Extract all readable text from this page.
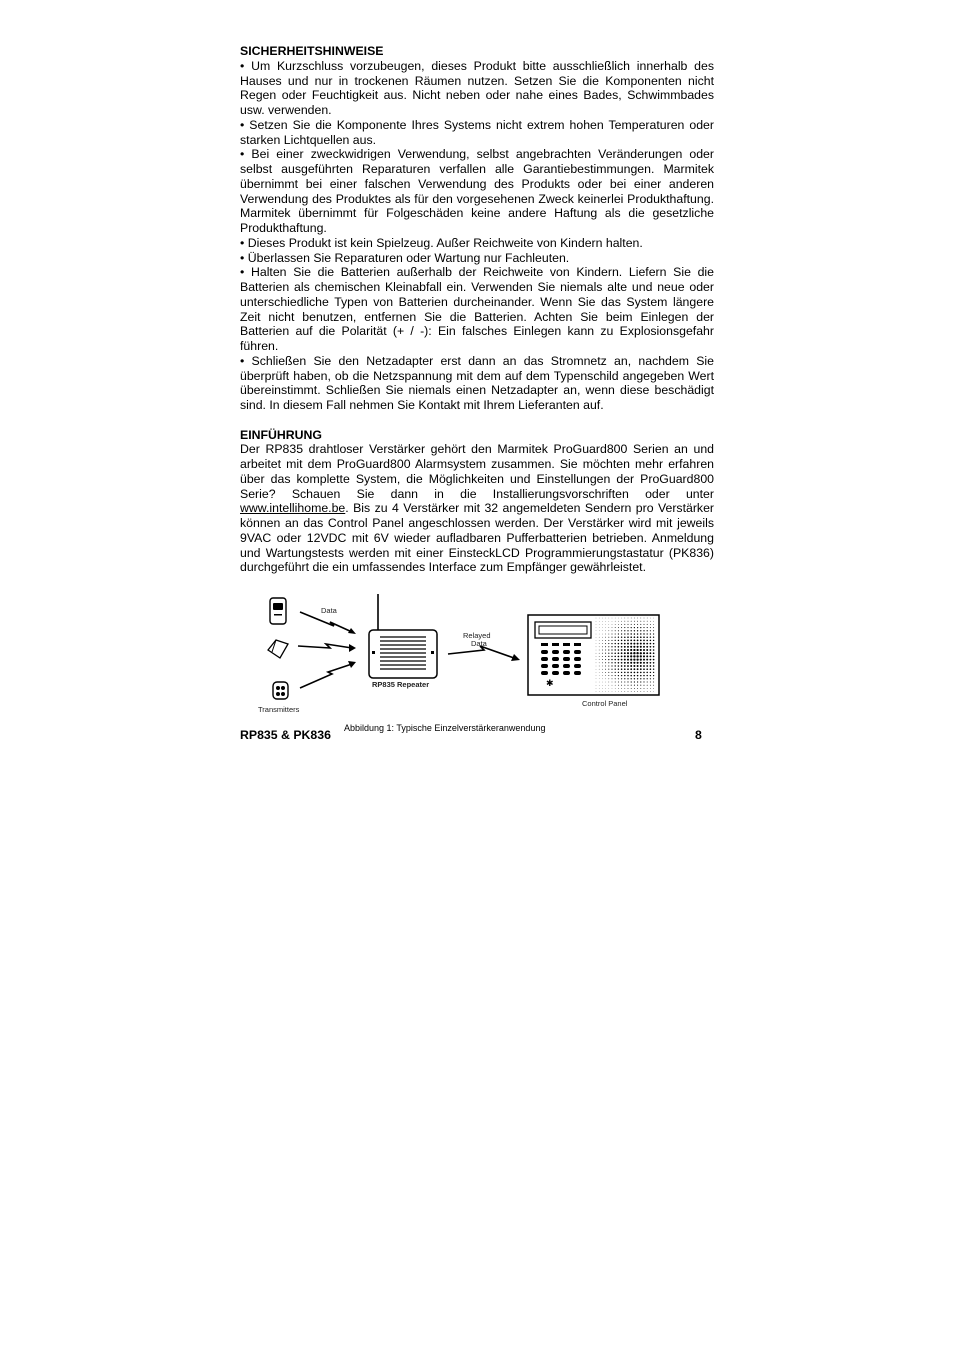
SICHERHEITSHINWEISE

• Um Kurzschluss vorzubeugen, dieses Produkt bitte ausschließlich innerhalb des Hauses und nur in trockenen Räumen nutzen. Setzen Sie die Komponenten nicht Regen oder Feuchtigkeit aus. Nicht neben oder nahe eines Bades, Schwimmbades usw. verwenden.

• Setzen Sie die Komponente Ihres Systems nicht extrem hohen Temperaturen oder starken Lichtquellen aus.

• Bei einer zweckwidrigen Verwendung, selbst angebrachten Veränderungen oder selbst ausgeführten Reparaturen verfallen alle Garantiebestimmungen. Marmitek übernimmt bei einer falschen Verwendung des Produkts oder bei einer anderen Verwendung des Produktes als für den vorgesehenen Zweck keinerlei Produkthaftung. Marmitek übernimmt für Folgeschäden keine andere Haftung als die gesetzliche Produkthaftung.

• Dieses Produkt ist kein Spielzeug. Außer Reichweite von Kindern halten.

• Überlassen Sie Reparaturen oder Wartung nur Fachleuten.

• Halten Sie die Batterien außerhalb der Reichweite von Kindern. Liefern Sie die Batterien als chemischen Kleinabfall ein. Verwenden Sie niemals alte und neue oder unterschiedliche Typen von Batterien durcheinander. Wenn Sie das System längere Zeit nicht benutzen, entfernen Sie die Batterien. Achten Sie beim Einlegen der Batterien auf die Polarität (+ / -): Ein falsches Einlegen kann zu Explosionsgefahr führen.

• Schließen Sie den Netzadapter erst dann an das Stromnetz an, nachdem Sie überprüft haben, ob die Netzspannung mit dem auf dem Typenschild angegeben Wert übereinstimmt. Schließen Sie niemals einen Netzadapter an, wenn diese beschädigt sind. In diesem Fall nehmen Sie Kontakt mit Ihrem Lieferanten auf.

EINFÜHRUNG

Der RP835 drahtloser Verstärker gehört den Marmitek ProGuard800 Serien an und arbeitet mit dem ProGuard800 Alarmsystem zusammen. Sie möchten mehr erfahren über das komplette System, die Möglichkeiten und Einstellungen der ProGuard800 Serie? Schauen Sie dann in die Installierungsvorschriften oder unter www.intellihome.be. Bis zu 4 Verstärker mit 32 angemeldeten Sendern pro Verstärker können an das Control Panel angeschlossen werden. Der Verstärker wird mit jeweils 9VAC oder 12VDC mit 6V wieder aufladbaren Pufferbatterien betrieben. Anmeldung und Wartungstests werden mit einer EinsteckLCD Programmierungstastatur (PK836) durchgeführt die ein umfassendes Interface zum Empfänger gewährleistet.

Transmitters
Data
RP835 Repeater
Relayed
Data
✱
Control Panel
Abbildung 1: Typische Einzelverstärkeranwendung
RP835 & PK836	8
